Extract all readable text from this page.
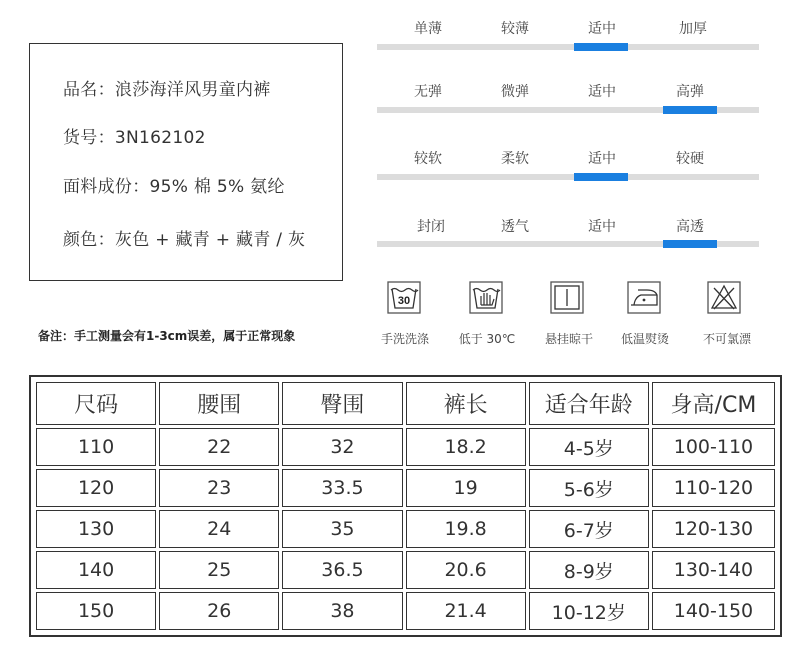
品名：浪莎海洋风男童内裤
货号：3N162102
面料成份：95% 棉 5% 氨纶
颜色：灰色 + 藏青 + 藏青 / 灰
备注：手工测量会有1-3cm误差，属于正常现象
单薄	较薄	适中	加厚
无弹	微弹	适中	高弹
较软	柔软	适中	较硬
封闭	透气	适中	高透
30
手洗洗涤	低于 30℃	悬挂晾干	低温熨烫	不可氯漂
尺码	腰围	臀围	裤长	适合年龄	身高/CM
110	22	32	18.2	4-5岁	100-110
120	23	33.5	19	5-6岁	110-120
130	24	35	19.8	6-7岁	120-130
140	25	36.5	20.6	8-9岁	130-140
150	26	38	21.4	10-12岁	140-150
